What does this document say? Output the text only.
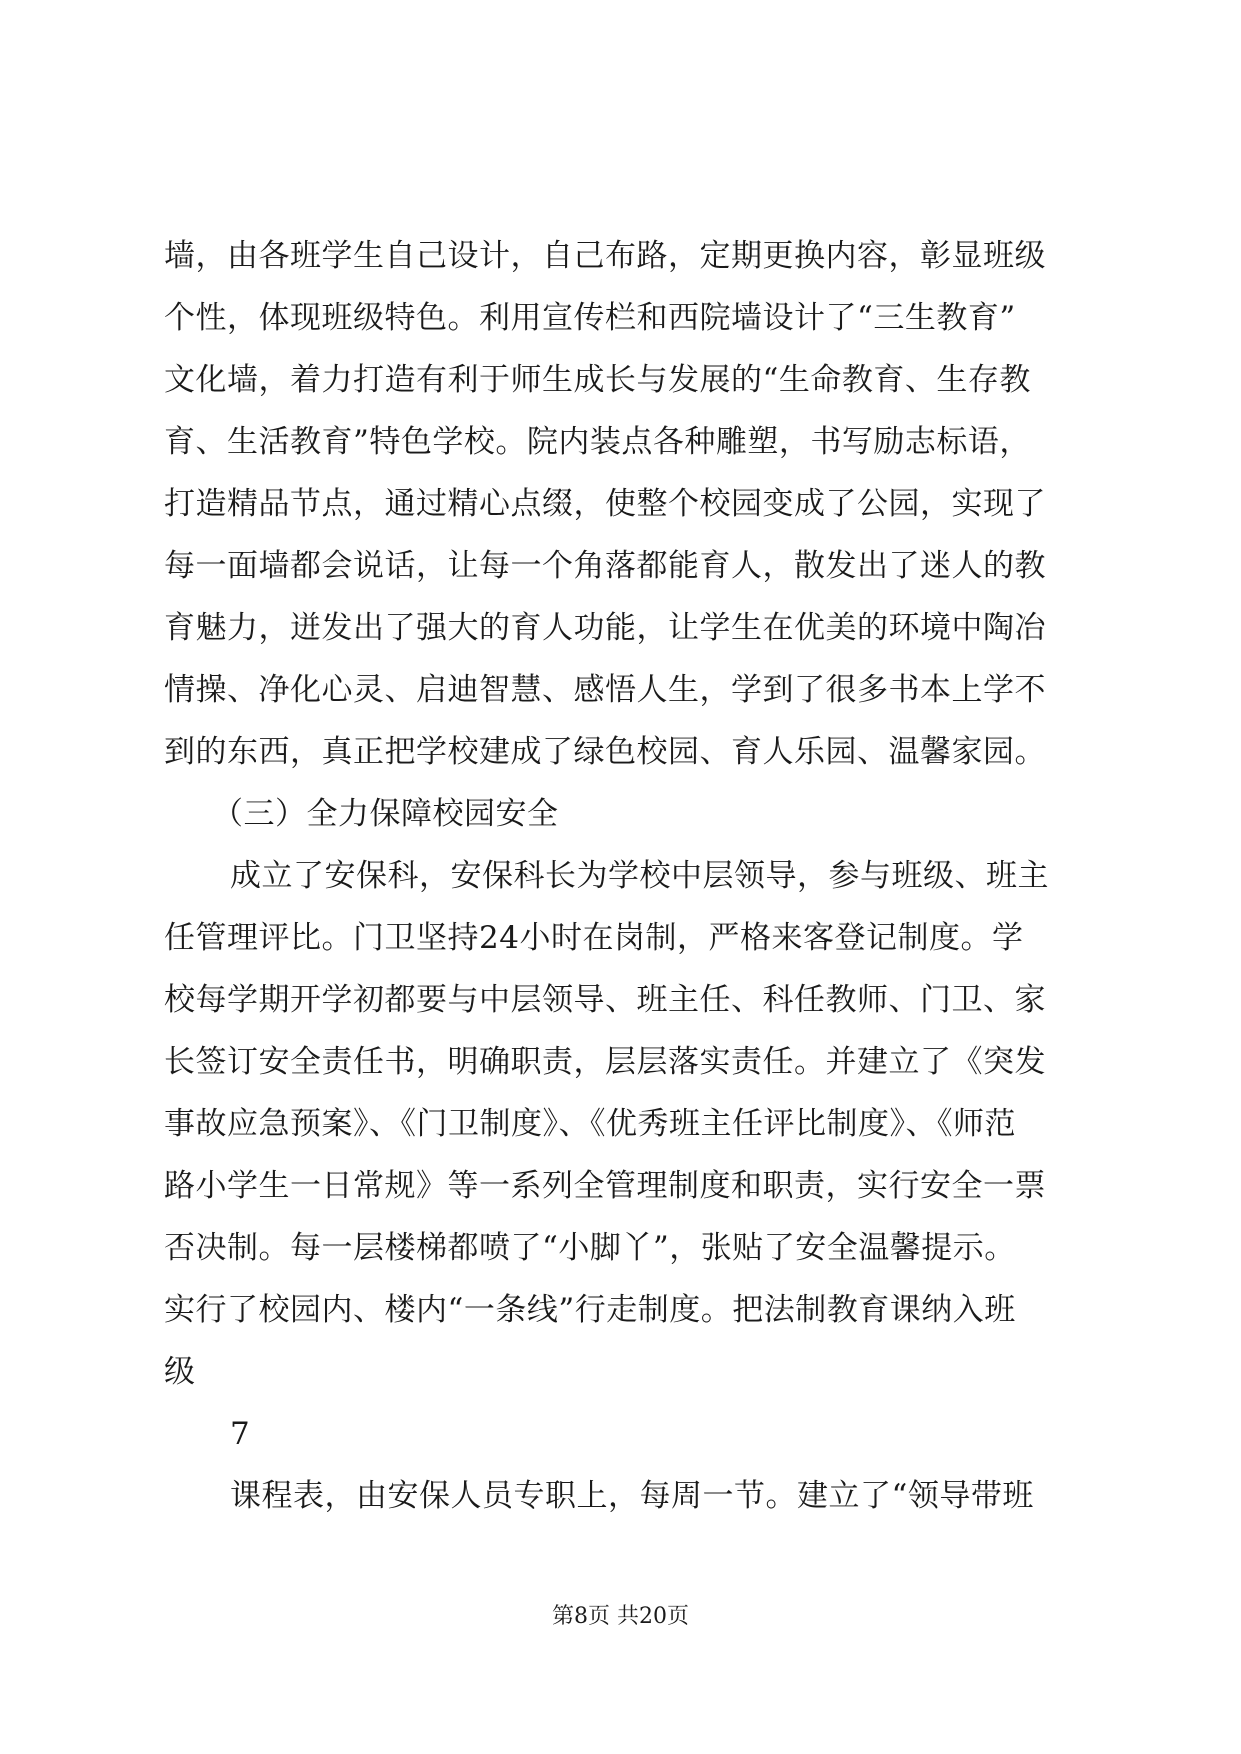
墙，由各班学生自己设计，自己布路，定期更换内容，彰显班级
个性，体现班级特色。利用宣传栏和西院墙设计了“三生教育”
文化墙，着力打造有利于师生成长与发展的“生命教育、生存教
育、生活教育”特色学校。院内装点各种雕塑，书写励志标语，
打造精品节点，通过精心点缀，使整个校园变成了公园，实现了
每一面墙都会说话，让每一个角落都能育人，散发出了迷人的教
育魅力，迸发出了强大的育人功能，让学生在优美的环境中陶冶
情操、净化心灵、启迪智慧、感悟人生，学到了很多书本上学不
到的东西，真正把学校建成了绿色校园、育人乐园、温馨家园。
（三）全力保障校园安全
成立了安保科，安保科长为学校中层领导，参与班级、班主
任管理评比。门卫坚持24小时在岗制，严格来客登记制度。学
校每学期开学初都要与中层领导、班主任、科任教师、门卫、家
长签订安全责任书，明确职责，层层落实责任。并建立了《突发
事故应急预案》、《门卫制度》、《优秀班主任评比制度》、《师范
路小学生一日常规》等一系列全管理制度和职责，实行安全一票
否决制。每一层楼梯都喷了“小脚丫”，张贴了安全温馨提示。
实行了校园内、楼内“一条线”行走制度。把法制教育课纳入班
级
7
课程表，由安保人员专职上，每周一节。建立了“领导带班
第8页 共20页
